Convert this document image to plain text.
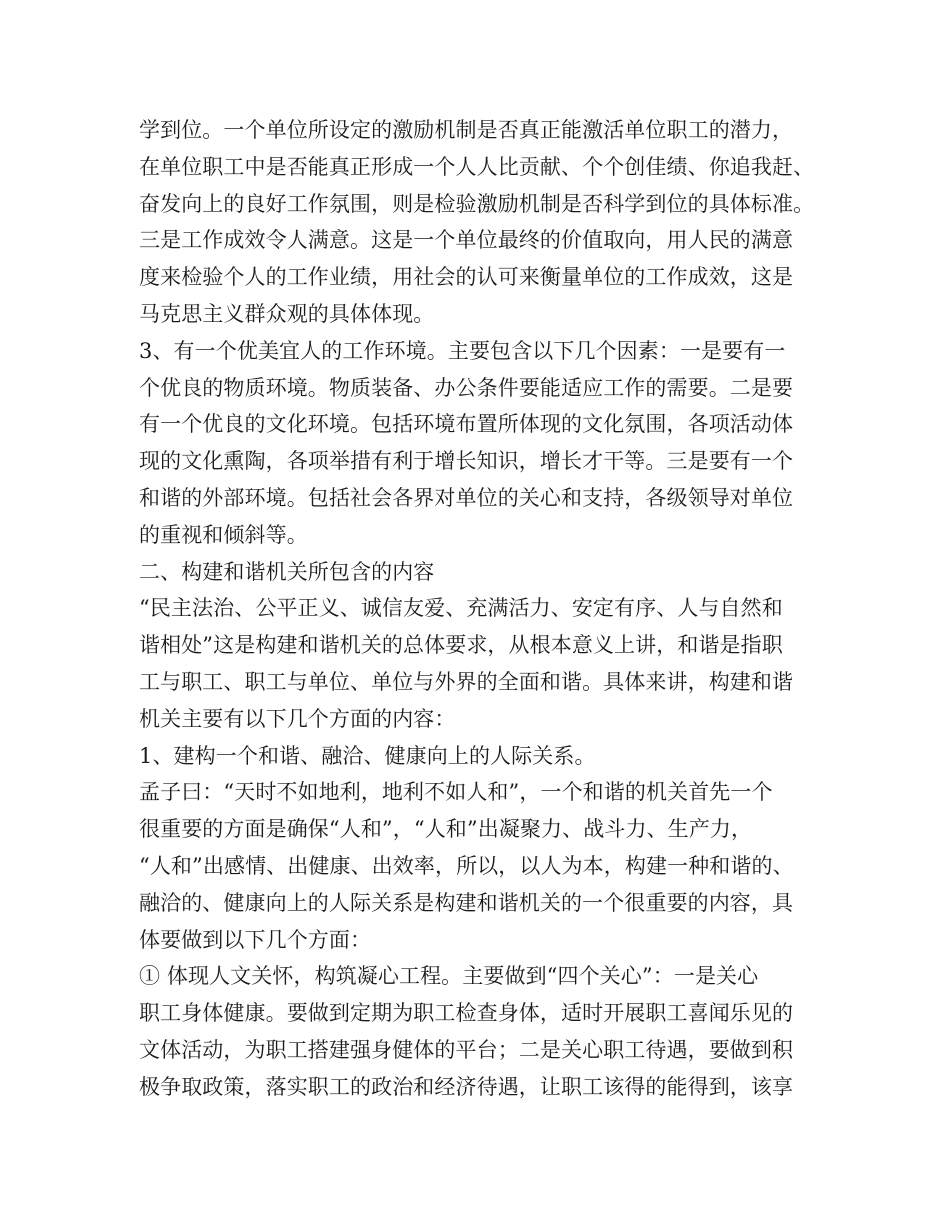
学到位。一个单位所设定的激励机制是否真正能激活单位职工的潜力，
在单位职工中是否能真正形成一个人人比贡献、个个创佳绩、你追我赶、
奋发向上的良好工作氛围，则是检验激励机制是否科学到位的具体标准。
三是工作成效令人满意。这是一个单位最终的价值取向，用人民的满意
度来检验个人的工作业绩，用社会的认可来衡量单位的工作成效，这是
马克思主义群众观的具体体现。
3、有一个优美宜人的工作环境。主要包含以下几个因素：一是要有一
个优良的物质环境。物质装备、办公条件要能适应工作的需要。二是要
有一个优良的文化环境。包括环境布置所体现的文化氛围，各项活动体
现的文化熏陶，各项举措有利于增长知识，增长才干等。三是要有一个
和谐的外部环境。包括社会各界对单位的关心和支持，各级领导对单位
的重视和倾斜等。
二、构建和谐机关所包含的内容
“民主法治、公平正义、诚信友爱、充满活力、安定有序、人与自然和
谐相处”这是构建和谐机关的总体要求，从根本意义上讲，和谐是指职
工与职工、职工与单位、单位与外界的全面和谐。具体来讲，构建和谐
机关主要有以下几个方面的内容：
1、建构一个和谐、融洽、健康向上的人际关系。
孟子曰：“天时不如地利，地利不如人和”，一个和谐的机关首先一个
很重要的方面是确保“人和”，“人和”出凝聚力、战斗力、生产力，
“人和”出感情、出健康、出效率，所以，以人为本，构建一种和谐的、
融洽的、健康向上的人际关系是构建和谐机关的一个很重要的内容，具
体要做到以下几个方面：
① 体现人文关怀，构筑凝心工程。主要做到“四个关心”：一是关心
职工身体健康。要做到定期为职工检查身体，适时开展职工喜闻乐见的
文体活动，为职工搭建强身健体的平台；二是关心职工待遇，要做到积
极争取政策，落实职工的政治和经济待遇，让职工该得的能得到，该享
